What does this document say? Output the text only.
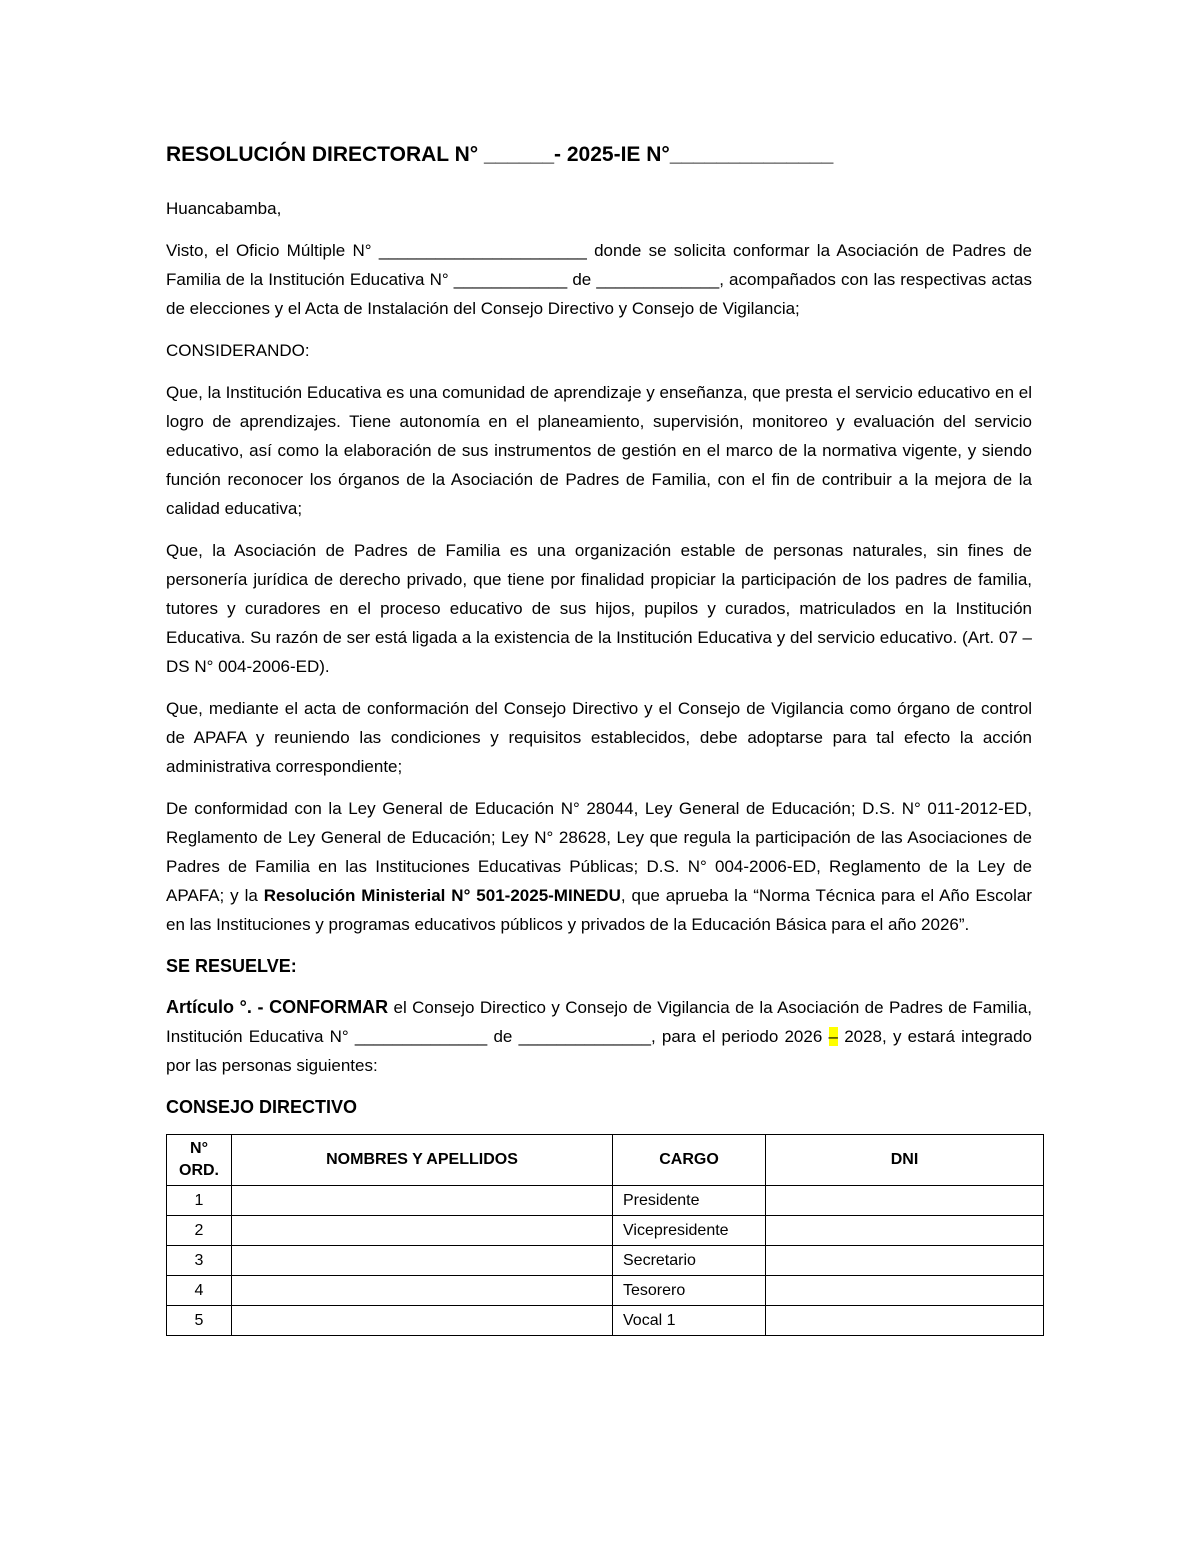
RESOLUCIÓN DIRECTORAL N° ______- 2025-IE N°______________

Huancabamba,

Visto, el Oficio Múltiple N° ______________________ donde se solicita conformar la Asociación de Padres de Familia de la Institución Educativa N° ____________ de _____________, acompañados con las respectivas actas de elecciones y el Acta de Instalación del Consejo Directivo y Consejo de Vigilancia;

CONSIDERANDO:

Que, la Institución Educativa es una comunidad de aprendizaje y enseñanza, que presta el servicio educativo en el logro de aprendizajes. Tiene autonomía en el planeamiento, supervisión, monitoreo y evaluación del servicio educativo, así como la elaboración de sus instrumentos de gestión en el marco de la normativa vigente, y siendo función reconocer los órganos de la Asociación de Padres de Familia, con el fin de contribuir a la mejora de la calidad educativa;

Que, la Asociación de Padres de Familia es una organización estable de personas naturales, sin fines de personería jurídica de derecho privado, que tiene por finalidad propiciar la participación de los padres de familia, tutores y curadores en el proceso educativo de sus hijos, pupilos y curados, matriculados en la Institución Educativa. Su razón de ser está ligada a la existencia de la Institución Educativa y del servicio educativo. (Art. 07 – DS N° 004-2006-ED).

Que, mediante el acta de conformación del Consejo Directivo y el Consejo de Vigilancia como órgano de control de APAFA y reuniendo las condiciones y requisitos establecidos, debe adoptarse para tal efecto la acción administrativa correspondiente;

De conformidad con la Ley General de Educación N° 28044, Ley General de Educación; D.S. N° 011-2012-ED, Reglamento de Ley General de Educación; Ley N° 28628, Ley que regula la participación de las Asociaciones de Padres de Familia en las Instituciones Educativas Públicas; D.S. N° 004-2006-ED, Reglamento de la Ley de APAFA; y la Resolución Ministerial N° 501-2025-MINEDU, que aprueba la “Norma Técnica para el Año Escolar en las Instituciones y programas educativos públicos y privados de la Educación Básica para el año 2026”.

SE RESUELVE:

Artículo °. - CONFORMAR el Consejo Directico y Consejo de Vigilancia de la Asociación de Padres de Familia, Institución Educativa N° ______________ de ______________, para el periodo 2026 – 2028, y estará integrado por las personas siguientes:

CONSEJO DIRECTIVO
N° ORD.	NOMBRES Y APELLIDOS	CARGO	DNI
1		Presidente	
2		Vicepresidente	
3		Secretario	
4		Tesorero	
5		Vocal 1	
